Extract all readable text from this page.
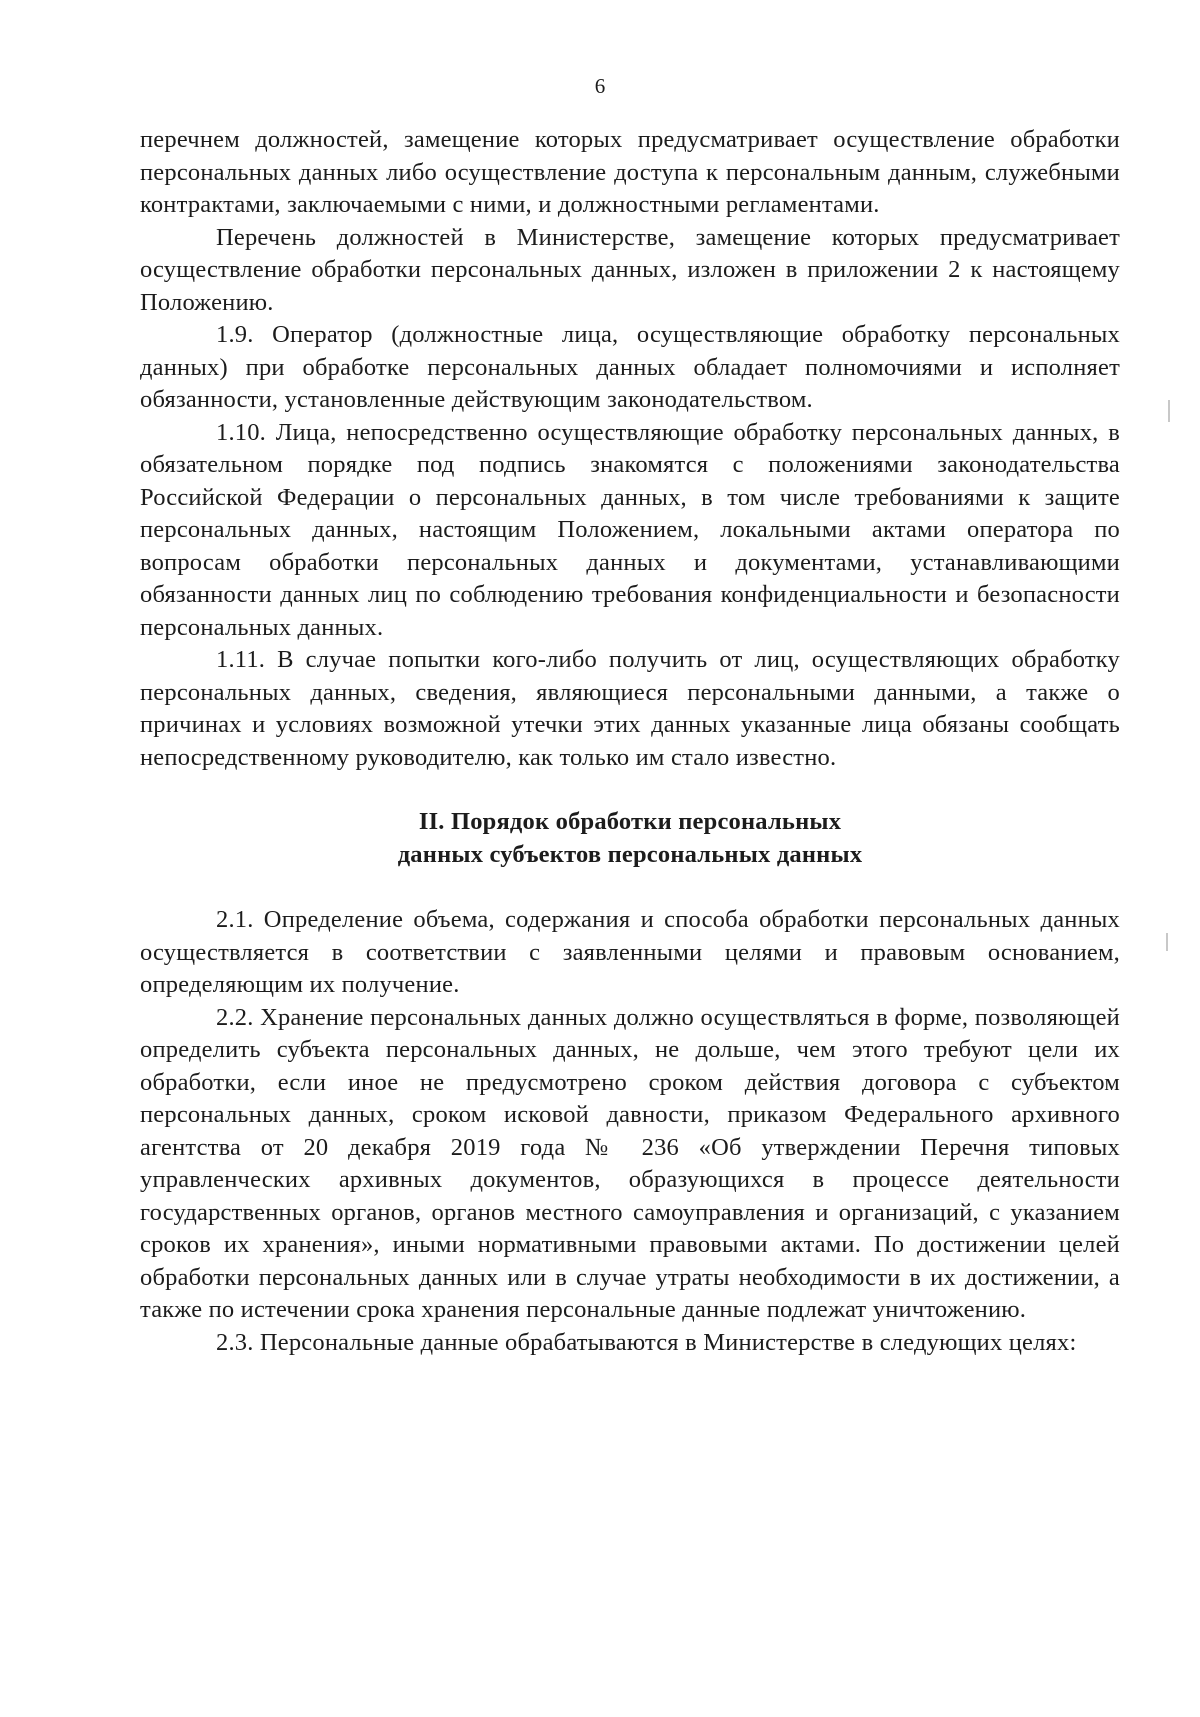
6

перечнем должностей, замещение которых предусматривает осуществление обработки персональных данных либо осуществление доступа к персональным данным, служебными контрактами, заключаемыми с ними, и должностными регламентами.

Перечень должностей в Министерстве, замещение которых предусматривает осуществление обработки персональных данных, изложен в приложении 2 к настоящему Положению.

1.9. Оператор (должностные лица, осуществляющие обработку персональных данных) при обработке персональных данных обладает полномочиями и исполняет обязанности, установленные действующим законодательством.

1.10. Лица, непосредственно осуществляющие обработку персональных данных, в обязательном порядке под подпись знакомятся с положениями законодательства Российской Федерации о персональных данных, в том числе требованиями к защите персональных данных, настоящим Положением, локальными актами оператора по вопросам обработки персональных данных и документами, устанавливающими обязанности данных лиц по соблюдению требования конфиденциальности и безопасности персональных данных.

1.11. В случае попытки кого-либо получить от лиц, осуществляющих обработку персональных данных, сведения, являющиеся персональными данными, а также о причинах и условиях возможной утечки этих данных указанные лица обязаны сообщать непосредственному руководителю, как только им стало известно.

II. Порядок обработки персональных
данных субъектов персональных данных

2.1. Определение объема, содержания и способа обработки персональных данных осуществляется в соответствии с заявленными целями и правовым основанием, определяющим их получение.

2.2. Хранение персональных данных должно осуществляться в форме, позволяющей определить субъекта персональных данных, не дольше, чем этого требуют цели их обработки, если иное не предусмотрено сроком действия договора с субъектом персональных данных, сроком исковой давности, приказом Федерального архивного агентства от 20 декабря 2019 года № 236 «Об утверждении Перечня типовых управленческих архивных документов, образующихся в процессе деятельности государственных органов, органов местного самоуправления и организаций, с указанием сроков их хранения», иными нормативными правовыми актами. По достижении целей обработки персональных данных или в случае утраты необходимости в их достижении, а также по истечении срока хранения персональные данные подлежат уничтожению.

2.3. Персональные данные обрабатываются в Министерстве в следующих целях:
